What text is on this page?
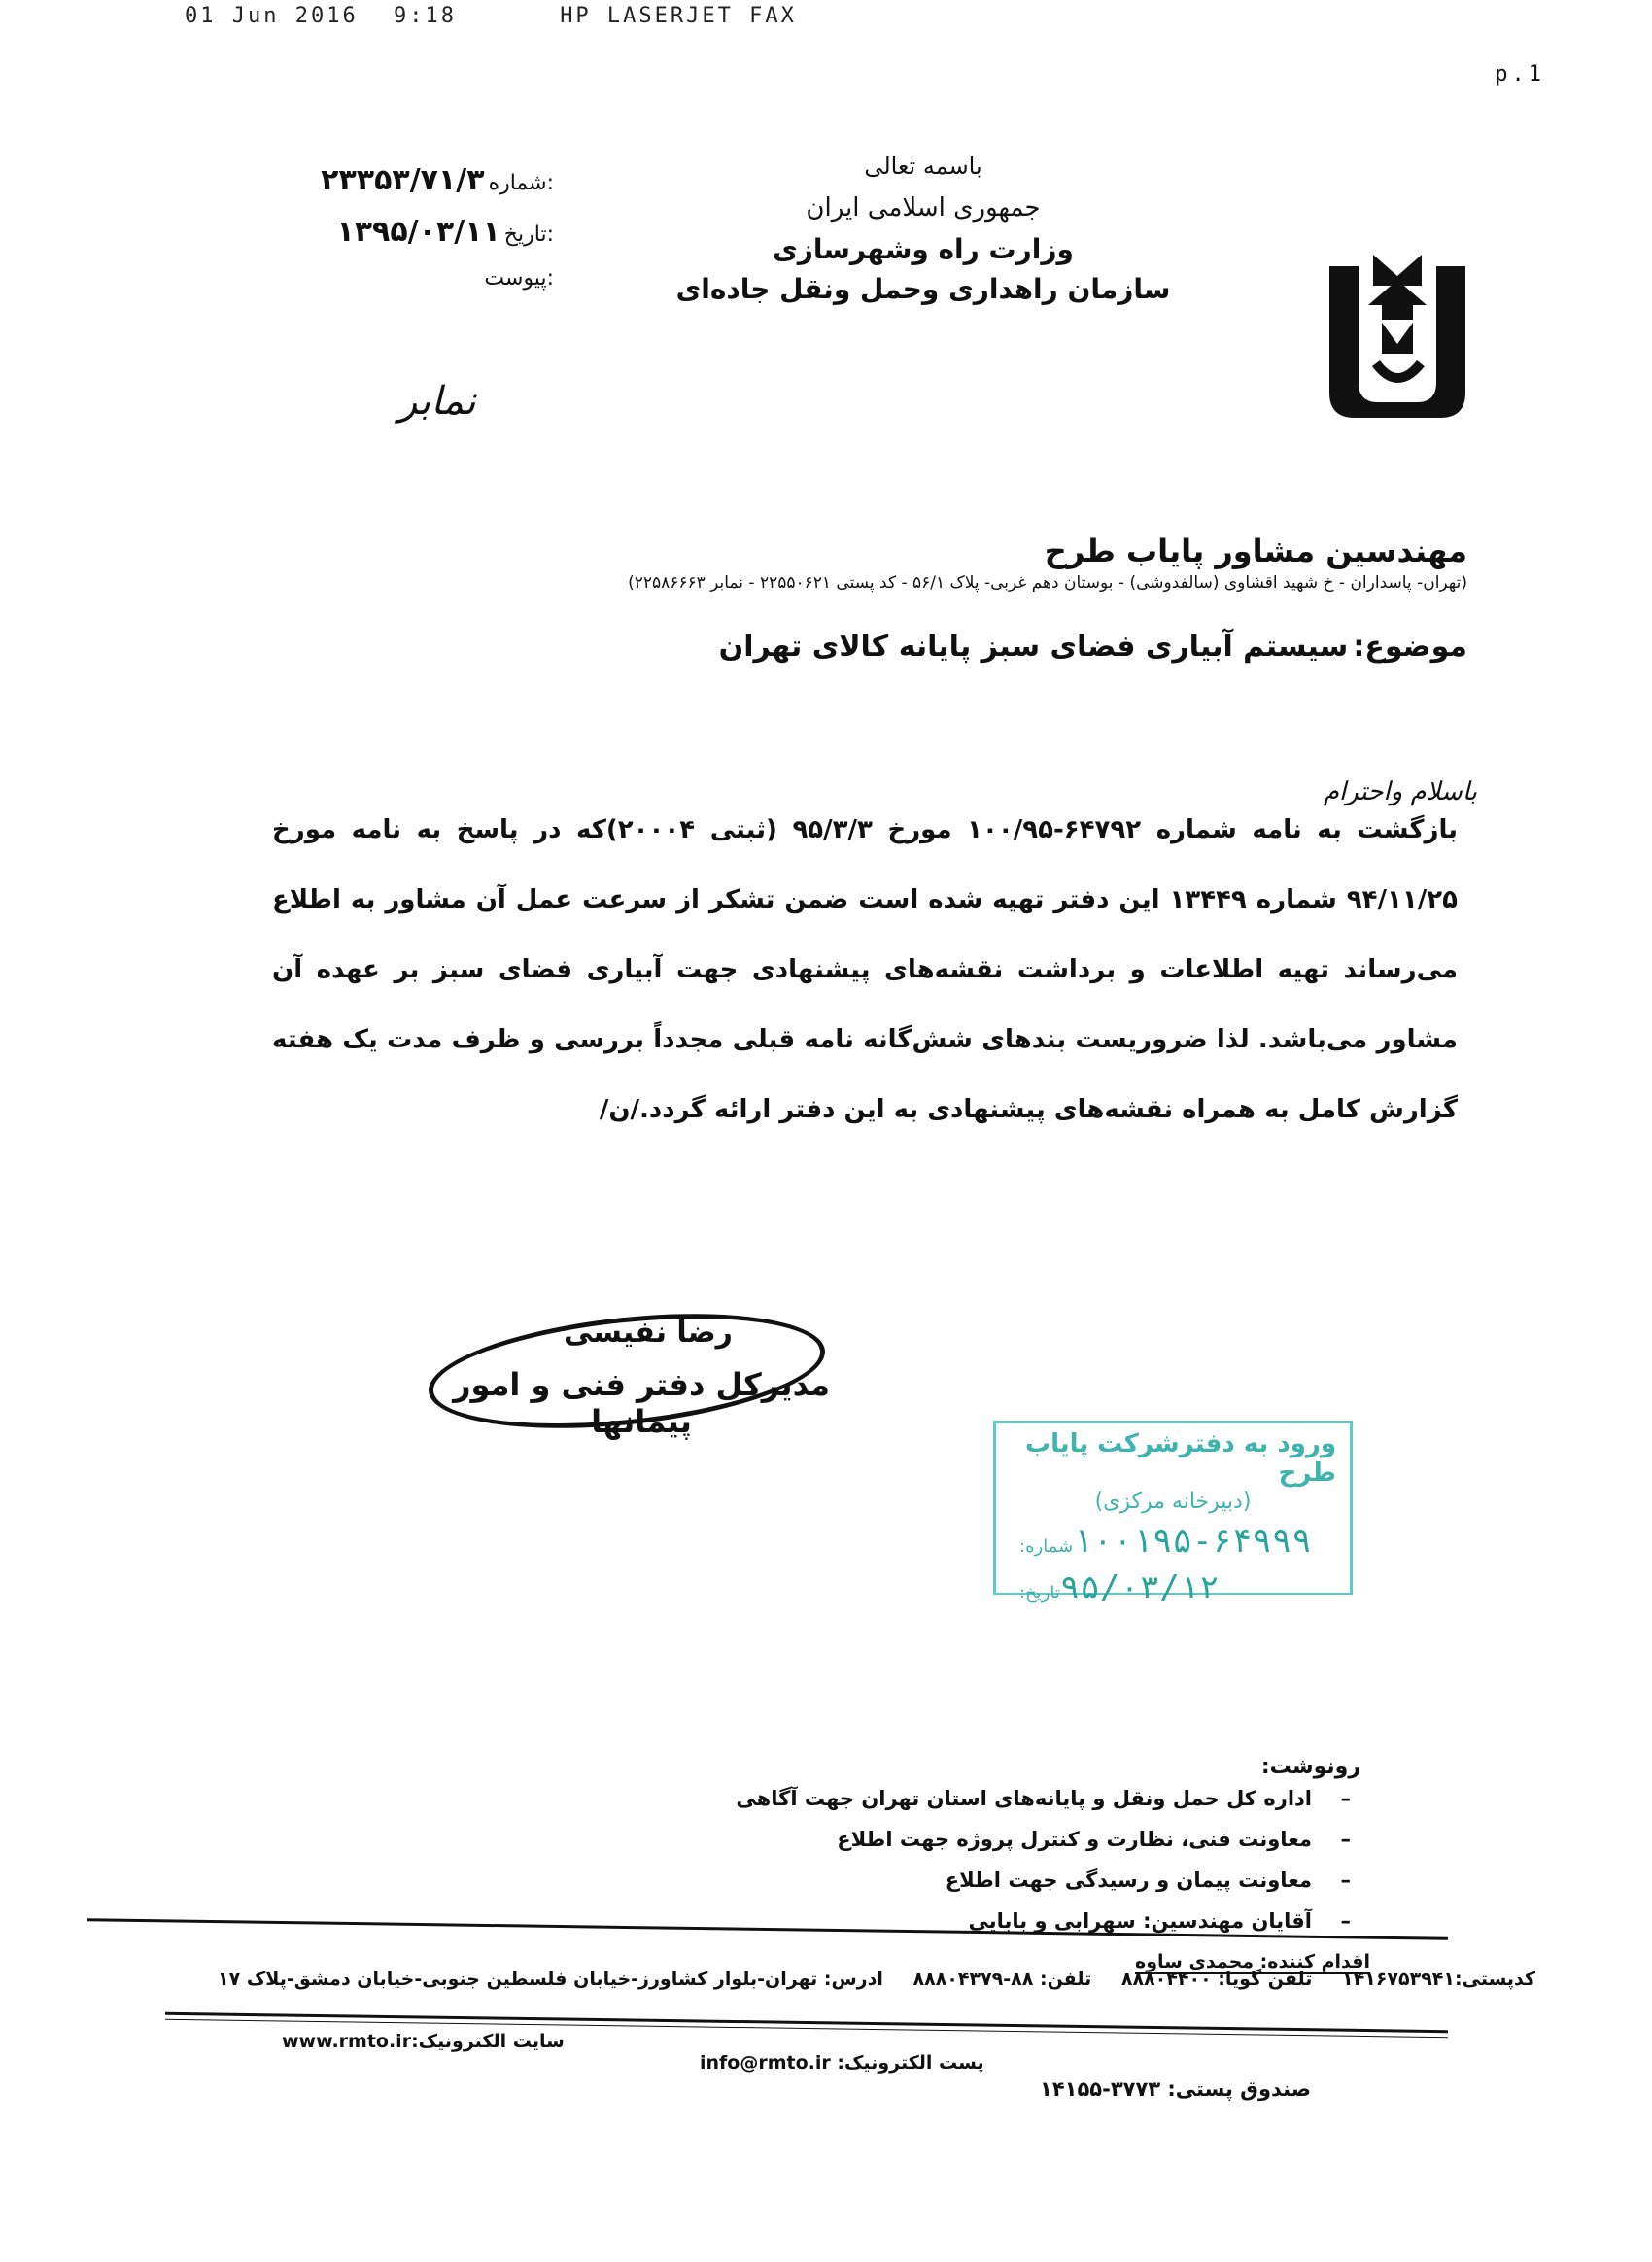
01 Jun 2016 9:18	HP LASERJET FAX
p.1
باسمه تعالی
جمهوری اسلامی ایران
وزارت راه وشهرسازی
سازمان راهداری وحمل ونقل جاده‌ای
شماره:
۲۳۳۵۳/۷۱/۳
تاریخ:
۱۳۹۵/۰۳/۱۱
پیوست:
نمابر
مهندسین مشاور پایاب طرح
(تهران- پاسداران - خ شهید اقشاوی (سالفدوشی) - بوستان دهم غربی- پلاک ۵۶/۱ - کد پستی ۲۲۵۵۰۶۲۱ - نمابر ۲۲۵۸۶۶۶۳)
موضوع: سیستم آبیاری فضای سبز پایانه کالای تهران
باسلام واحترام
بازگشت به نامه شماره ۶۴۷۹۲-۱۰۰/۹۵ مورخ ۹۵/۳/۳ (ثبتی ۲۰۰۰۴)که در پاسخ به نامه مورخ ۹۴/۱۱/۲۵ شماره ۱۳۴۴۹ این دفتر تهیه شده است ضمن تشکر از سرعت عمل آن مشاور به اطلاع می‌رساند تهیه اطلاعات و برداشت نقشه‌های پیشنهادی جهت آبیاری فضای سبز بر عهده آن مشاور می‌باشد. لذا ضروریست بندهای شش‌گانه نامه قبلی مجدداً بررسی و ظرف مدت یک هفته گزارش کامل به همراه نقشه‌های پیشنهادی به این دفتر ارائه گردد./ن/
رضا نفیسی
مدیرکل دفتر فنی و امور پیمانها
ورود به دفترشرکت پایاب طرح
(دبیرخانه مرکزی)
شماره: ۱۰۰۱۹۵-۶۴۹۹۹
تاریخ: ۹۵/۰۳/۱۲
رونوشت:
– اداره کل حمل ونقل و پایانه‌های استان تهران جهت آگاهی
– معاونت فنی، نظارت و کنترل پروژه جهت اطلاع
– معاونت پیمان و رسیدگی جهت اطلاع
– آقایان مهندسین: سهرابی و بابایی
اقدام کننده: محمدی ساوه
کدپستی:۱۴۱۶۷۵۳۹۴۱ تلفن گویا: ۸۸۸۰۴۴۰۰ تلفن: ۸۸-۸۸۸۰۴۳۷۹ ادرس: تهران-بلوار کشاورز-خیابان فلسطین جنوبی-خیابان دمشق-پلاک ۱۷
سایت الکترونیک:www.rmto.ir
پست الکترونیک: info@rmto.ir
صندوق پستی: ۳۷۷۳-۱۴۱۵۵
